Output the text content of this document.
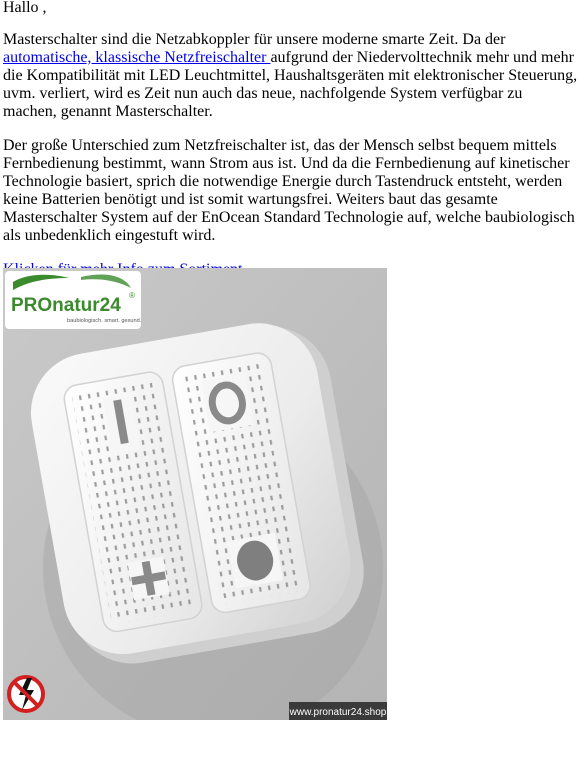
Hallo ,

Masterschalter sind die Netzabkoppler für unsere moderne smarte Zeit. Da der automatische, klassische Netzfreischalter aufgrund der Niedervolttechnik mehr und mehr die Kompatibilität mit LED Leuchtmittel, Haushaltsgeräten mit elektronischer Steuerung, uvm. verliert, wird es Zeit nun auch das neue, nachfolgende System verfügbar zu machen, genannt Masterschalter.

Der große Unterschied zum Netzfreischalter ist, das der Mensch selbst bequem mittels Fernbedienung bestimmt, wann Strom aus ist. Und da die Fernbedienung auf kinetischer Technologie basiert, sprich die notwendige Energie durch Tastendruck entsteht, werden keine Batterien benötigt und ist somit wartungsfrei. Weiters baut das gesamte Masterschalter System auf der EnOcean Standard Technologie auf, welche baubiologisch als unbedenklich eingestuft wird.

PROnatur24 ®
baubiologisch. smart. gesund.
www.pronatur24.shop
